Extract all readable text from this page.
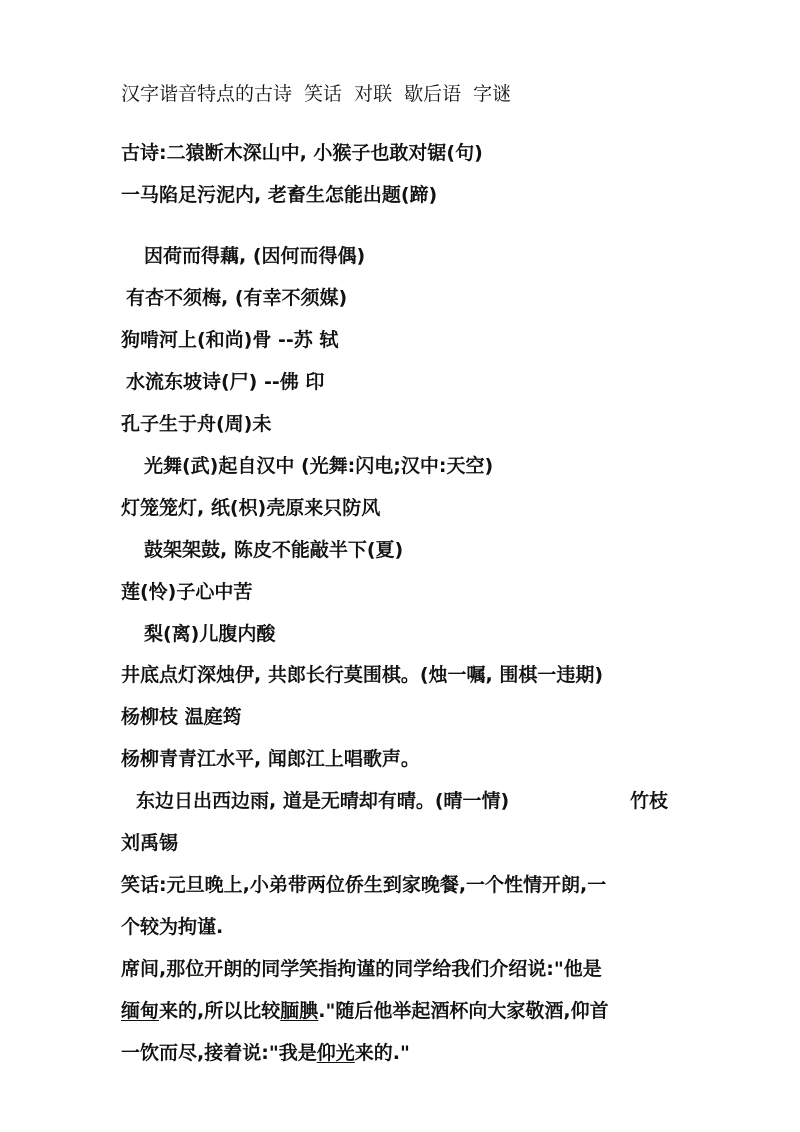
汉字谐音特点的古诗 笑话 对联 歇后语 字谜
古诗:二猿断木深山中, 小猴子也敢对锯(句)
一马陷足污泥内, 老畜生怎能出题(蹄)
因荷而得藕, (因何而得偶)
有杏不须梅, (有幸不须媒)
狗啃河上(和尚)骨 --苏 轼
水流东坡诗(尸) --佛 印
孔子生于舟(周)未
光舞(武)起自汉中 (光舞:闪电;汉中:天空)
灯笼笼灯, 纸(枳)壳原来只防风
鼓架架鼓, 陈皮不能敲半下(夏)
莲(怜)子心中苦
梨(离)儿腹内酸
井底点灯深烛伊, 共郎长行莫围棋。(烛一嘱, 围棋一违期)
杨柳枝 温庭筠
杨柳青青江水平, 闻郎江上唱歌声。
东边日出西边雨, 道是无晴却有晴。(晴一情)	竹枝
刘禹锡
笑话:元旦晚上,小弟带两位侨生到家晚餐,一个性情开朗,一
个较为拘谨.
席间,那位开朗的同学笑指拘谨的同学给我们介绍说:"他是
缅甸来的,所以比较腼腆."随后他举起酒杯向大家敬酒,仰首
一饮而尽,接着说:"我是仰光来的."
